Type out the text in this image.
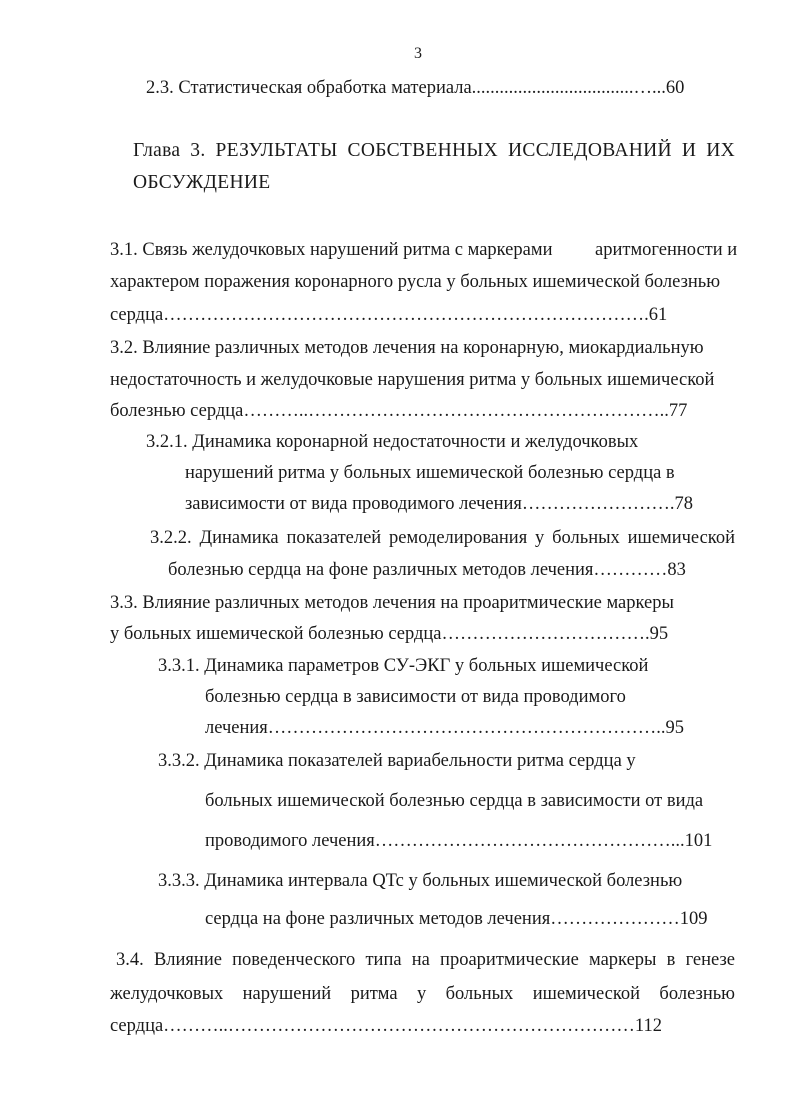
3

2.3. Статистическая обработка материала...................................…...60

Глава 3. РЕЗУЛЬТАТЫ СОБСТВЕННЫХ ИССЛЕДОВАНИЙ И ИХ

ОБСУЖДЕНИЕ

3.1. Связь желудочковых нарушений ритма с маркерами аритмогенности и

характером поражения коронарного русла у больных ишемической болезнью

сердца…………………………………………………………………….61

3.2. Влияние различных методов лечения на коронарную, миокардиальную

недостаточность и желудочковые нарушения ритма у больных ишемической

болезнью сердца………..…………………………………………………..77

3.2.1. Динамика коронарной недостаточности и желудочковых

нарушений ритма у больных ишемической болезнью сердца в

зависимости от вида проводимого лечения…………………….78

3.2.2. Динамика показателей ремоделирования у больных ишемической

болезнью сердца на фоне различных методов лечения…………83

3.3. Влияние различных методов лечения на проаритмические маркеры

у больных ишемической болезнью сердца…………………………….95

3.3.1. Динамика параметров СУ-ЭКГ у больных ишемической

болезнью сердца в зависимости от вида проводимого

лечения………………………………………………………..95

3.3.2. Динамика показателей вариабельности ритма сердца у

больных ишемической болезнью сердца в зависимости от вида

проводимого лечения…………………………………………...101

3.3.3. Динамика интервала QTc у больных ишемической болезнью

сердца на фоне различных методов лечения…………………109

3.4. Влияние поведенческого типа на проаритмические маркеры в генезе

желудочковых нарушений ритма у больных ишемической болезнью

сердца………..…………………………………………………………112
